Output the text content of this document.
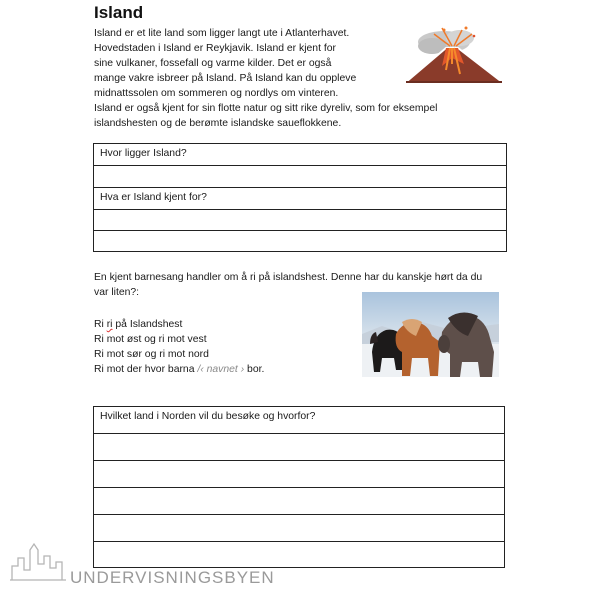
Island
Island er et lite land som ligger langt ute i Atlanterhavet.
Hovedstaden i Island er Reykjavik. Island er kjent for
sine vulkaner, fossefall og varme kilder. Det er også
mange vakre isbreer på Island. På Island kan du oppleve
midnattssolen om sommeren og nordlys om vinteren.
Island er også kjent for sin flotte natur og sitt rike dyreliv, som for eksempel
islandshesten og de berømte islandske saueflokkene.
Hvor ligger Island?
Hva er Island kjent for?
En kjent barnesang handler om å ri på islandshest. Denne har du kanskje hørt da du var liten?:
Ri ri på Islandshest
Ri mot øst og ri mot vest
Ri mot sør og ri mot nord
Ri mot der hvor barna /‹ navnet › bor.
Hvilket land i Norden vil du besøke og hvorfor?
UNDERVISNINGSBYEN
